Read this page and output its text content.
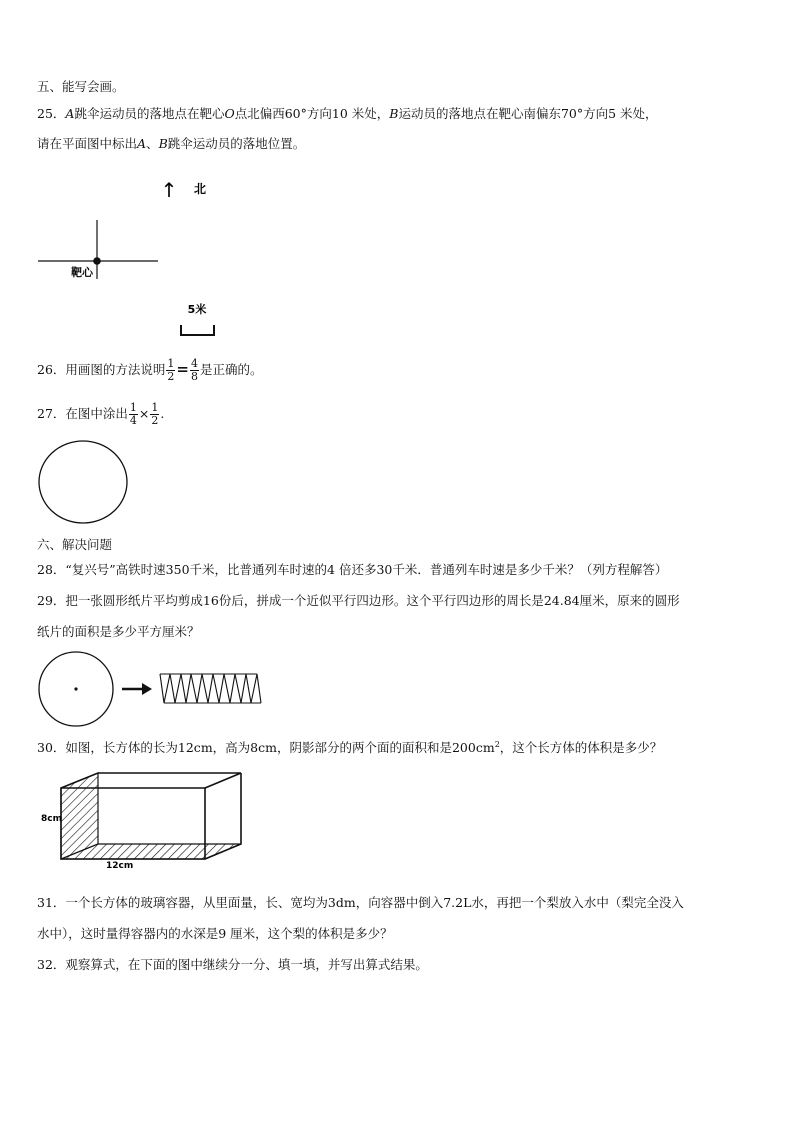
五、能写会画。
25．A跳伞运动员的落地点在靶心O点北偏西60°方向10 米处，B运动员的落地点在靶心南偏东70°方向5 米处，
请在平面图中标出A、B跳伞运动员的落地位置。
↑ 北
靶心
5米
26．用画图的方法说明 $\frac{1}{2} = \frac{4}{8}$ 是正确的。
27．在图中涂出 $\frac{1}{4} \times \frac{1}{2}$ .
六、解决问题
28．“复兴号”高铁时速350千米，比普通列车时速的4 倍还多30千米．普通列车时速是多少千米？（列方程解答）
29．把一张圆形纸片平均剪成16份后，拼成一个近似平行四边形。这个平行四边形的周长是24.84厘米，原来的圆形
纸片的面积是多少平方厘米？
30．如图，长方体的长为12cm，高为8cm，阴影部分的两个面的面积和是$200cm^2$，这个长方体的体积是多少？
8cm
12cm
31．一个长方体的玻璃容器，从里面量，长、宽均为3dm，向容器中倒入7.2L水，再把一个梨放入水中（梨完全没入
水中），这时量得容器内的水深是9 厘米，这个梨的体积是多少？
32．观察算式，在下面的图中继续分一分、填一填，并写出算式结果。
